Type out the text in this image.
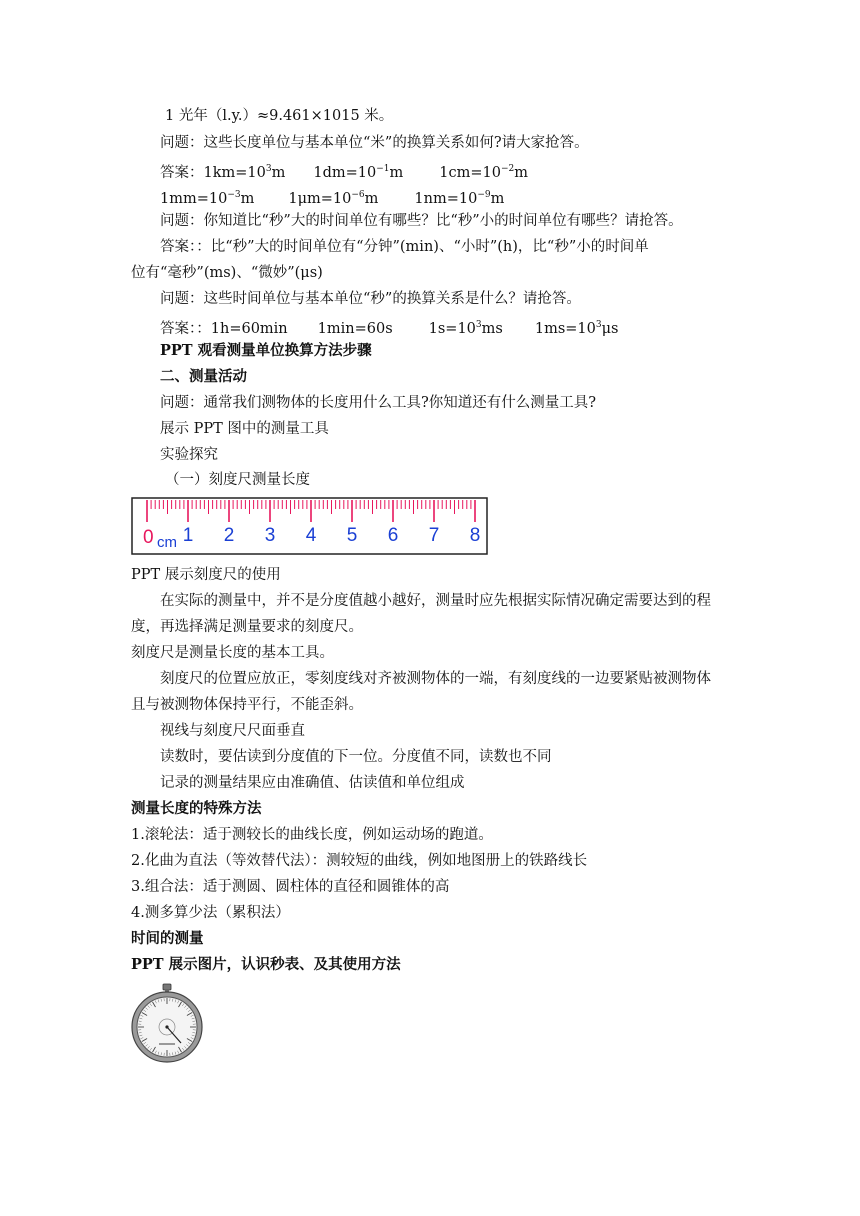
1 光年（l.y.）≈9.461×1015 米。
问题：这些长度单位与基本单位“米”的换算关系如何?请大家抢答。
答案：$1km=10^3m$ $1dm=10^{-1}m$ $1cm=10^{-2}m$
$1mm=10^{-3}m$ $1\mu m=10^{-6}m$ $1nm=10^{-9}m$
问题：你知道比“秒”大的时间单位有哪些？比“秒”小的时间单位有哪些？请抢答。
答案：：比“秒”大的时间单位有“分钟”(min)、“小时”(h)，比“秒”小的时间单
位有“毫秒”(ms)、“微妙”(μs)
问题：这些时间单位与基本单位“秒”的换算关系是什么？请抢答。
答案：：1h=60min 1min=60s $1s=10^3ms$ $1ms=10^3\mu s$
PPT 观看测量单位换算方法步骤
二、测量活动
问题：通常我们测物体的长度用什么工具?你知道还有什么测量工具?
展示 PPT 图中的测量工具
实验探究
（一）刻度尺测量长度
0 1 2 3 4 5 6 7 8
cm
PPT 展示刻度尺的使用
在实际的测量中，并不是分度值越小越好，测量时应先根据实际情况确定需要达到的程
度，再选择满足测量要求的刻度尺。
刻度尺是测量长度的基本工具。
刻度尺的位置应放正，零刻度线对齐被测物体的一端，有刻度线的一边要紧贴被测物体
且与被测物体保持平行，不能歪斜。
视线与刻度尺尺面垂直
读数时，要估读到分度值的下一位。分度值不同，读数也不同
记录的测量结果应由准确值、估读值和单位组成
测量长度的特殊方法
1.滚轮法：适于测较长的曲线长度，例如运动场的跑道。
2.化曲为直法（等效替代法）：测较短的曲线，例如地图册上的铁路线长
3.组合法：适于测圆、圆柱体的直径和圆锥体的高
4.测多算少法（累积法）
时间的测量
PPT 展示图片，认识秒表、及其使用方法
